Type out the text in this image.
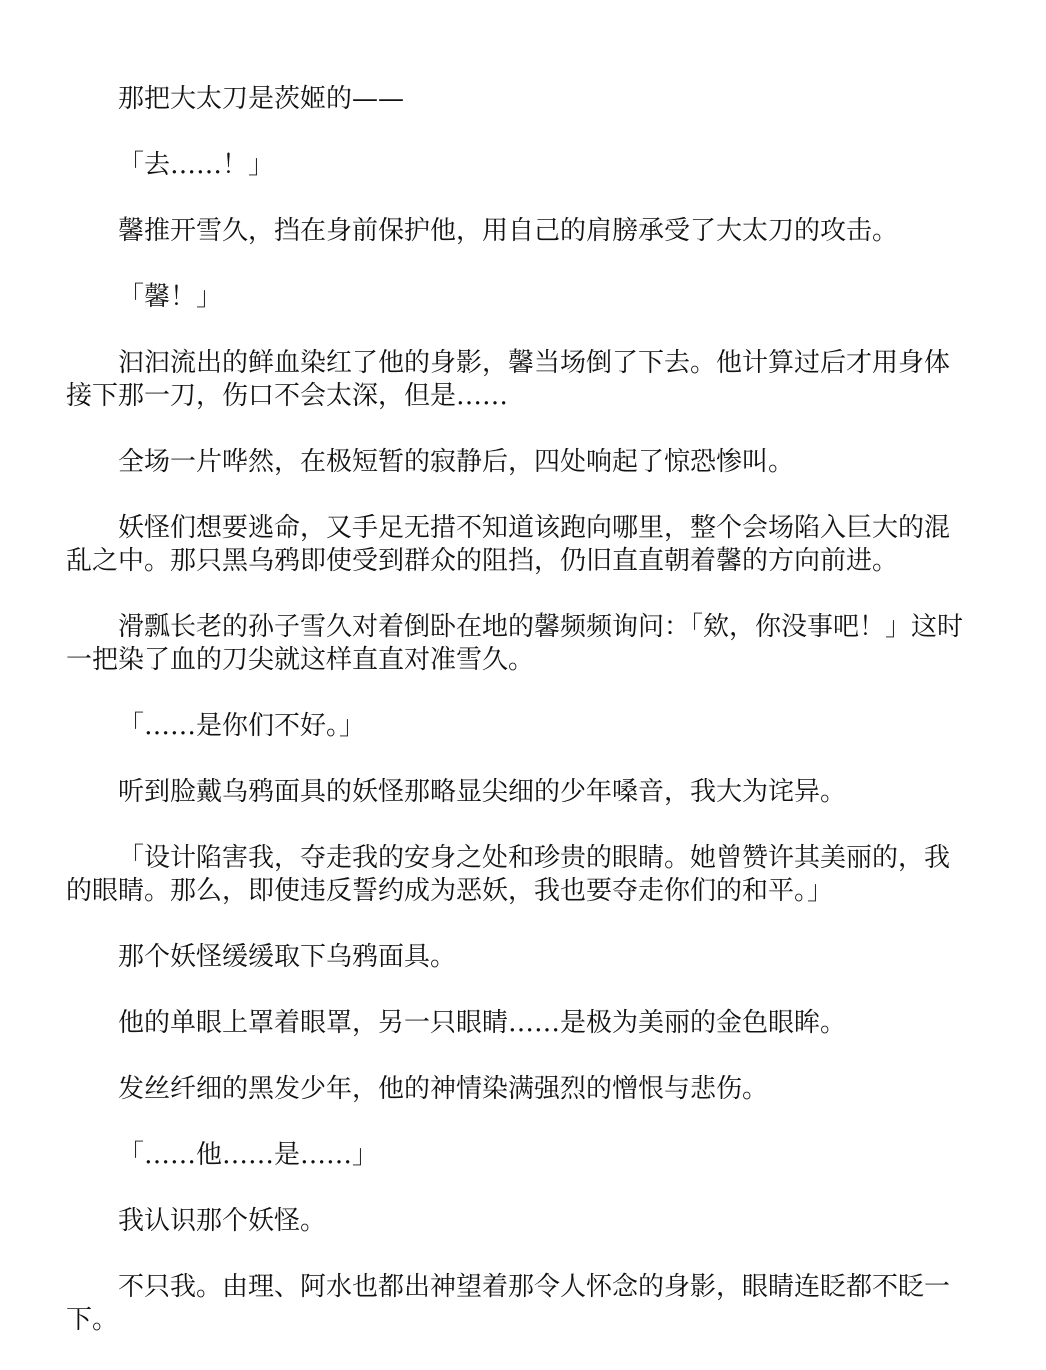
那把大太刀是茨姬的——

「去……！」

馨推开雪久，挡在身前保护他，用自己的肩膀承受了大太刀的攻击。

「馨！」

汩汩流出的鲜血染红了他的身影，馨当场倒了下去。他计算过后才用身体接下那一刀，伤口不会太深，但是……

全场一片哗然，在极短暂的寂静后，四处响起了惊恐惨叫。

妖怪们想要逃命，又手足无措不知道该跑向哪里，整个会场陷入巨大的混乱之中。那只黑乌鸦即使受到群众的阻挡，仍旧直直朝着馨的方向前进。

滑瓢长老的孙子雪久对着倒卧在地的馨频频询问：「欸，你没事吧！」这时一把染了血的刀尖就这样直直对准雪久。

「……是你们不好。」

听到脸戴乌鸦面具的妖怪那略显尖细的少年嗓音，我大为诧异。

「设计陷害我，夺走我的安身之处和珍贵的眼睛。她曾赞许其美丽的，我的眼睛。那么，即使违反誓约成为恶妖，我也要夺走你们的和平。」

那个妖怪缓缓取下乌鸦面具。

他的单眼上罩着眼罩，另一只眼睛……是极为美丽的金色眼眸。

发丝纤细的黑发少年，他的神情染满强烈的憎恨与悲伤。

「……他……是……」

我认识那个妖怪。

不只我。由理、阿水也都出神望着那令人怀念的身影，眼睛连眨都不眨一下。
